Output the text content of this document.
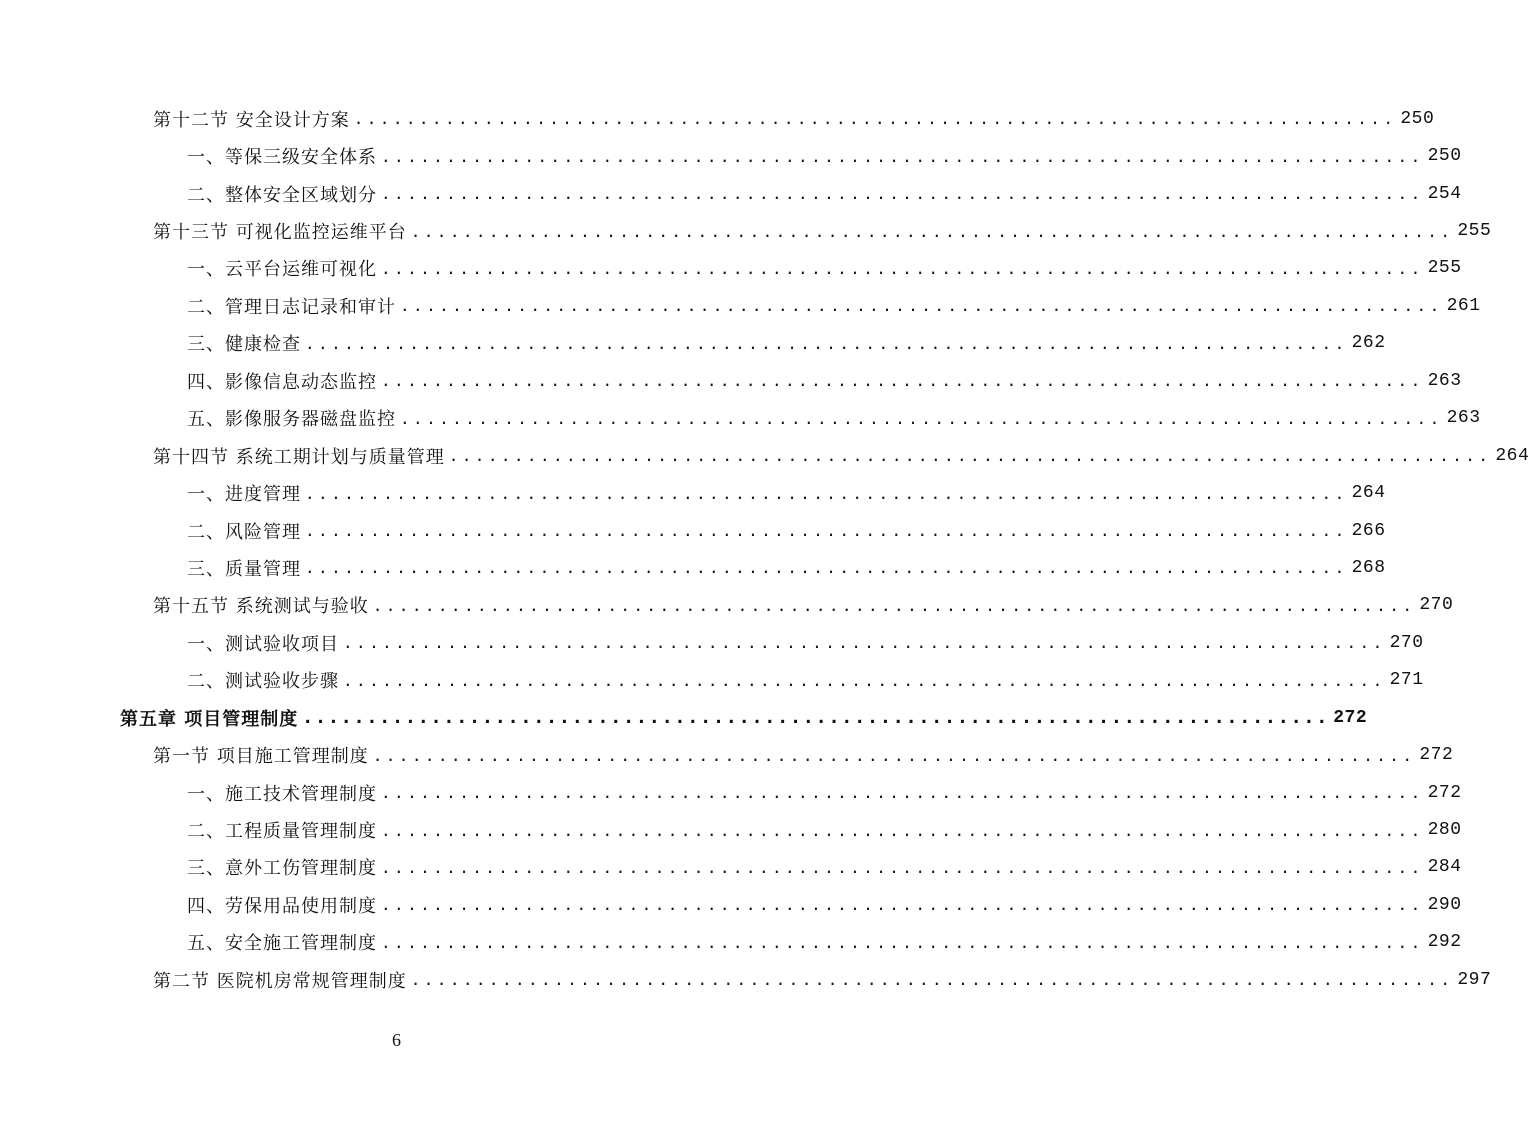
第十二节 安全设计方案 ................................................................................ 250
一、等保三级安全体系 ................................................................................ 250
二、整体安全区域划分 ................................................................................ 254
第十三节 可视化监控运维平台 ................................................................................ 255
一、云平台运维可视化 ................................................................................ 255
二、管理日志记录和审计 ................................................................................ 261
三、健康检查 ................................................................................ 262
四、影像信息动态监控 ................................................................................ 263
五、影像服务器磁盘监控 ................................................................................ 263
第十四节 系统工期计划与质量管理 ................................................................................ 264
一、进度管理 ................................................................................ 264
二、风险管理 ................................................................................ 266
三、质量管理 ................................................................................ 268
第十五节 系统测试与验收 ................................................................................ 270
一、测试验收项目 ................................................................................ 270
二、测试验收步骤 ................................................................................ 271
第五章 项目管理制度 ................................................................................ 272
第一节 项目施工管理制度 ................................................................................ 272
一、施工技术管理制度 ................................................................................ 272
二、工程质量管理制度 ................................................................................ 280
三、意外工伤管理制度 ................................................................................ 284
四、劳保用品使用制度 ................................................................................ 290
五、安全施工管理制度 ................................................................................ 292
第二节 医院机房常规管理制度 ................................................................................ 297
6
